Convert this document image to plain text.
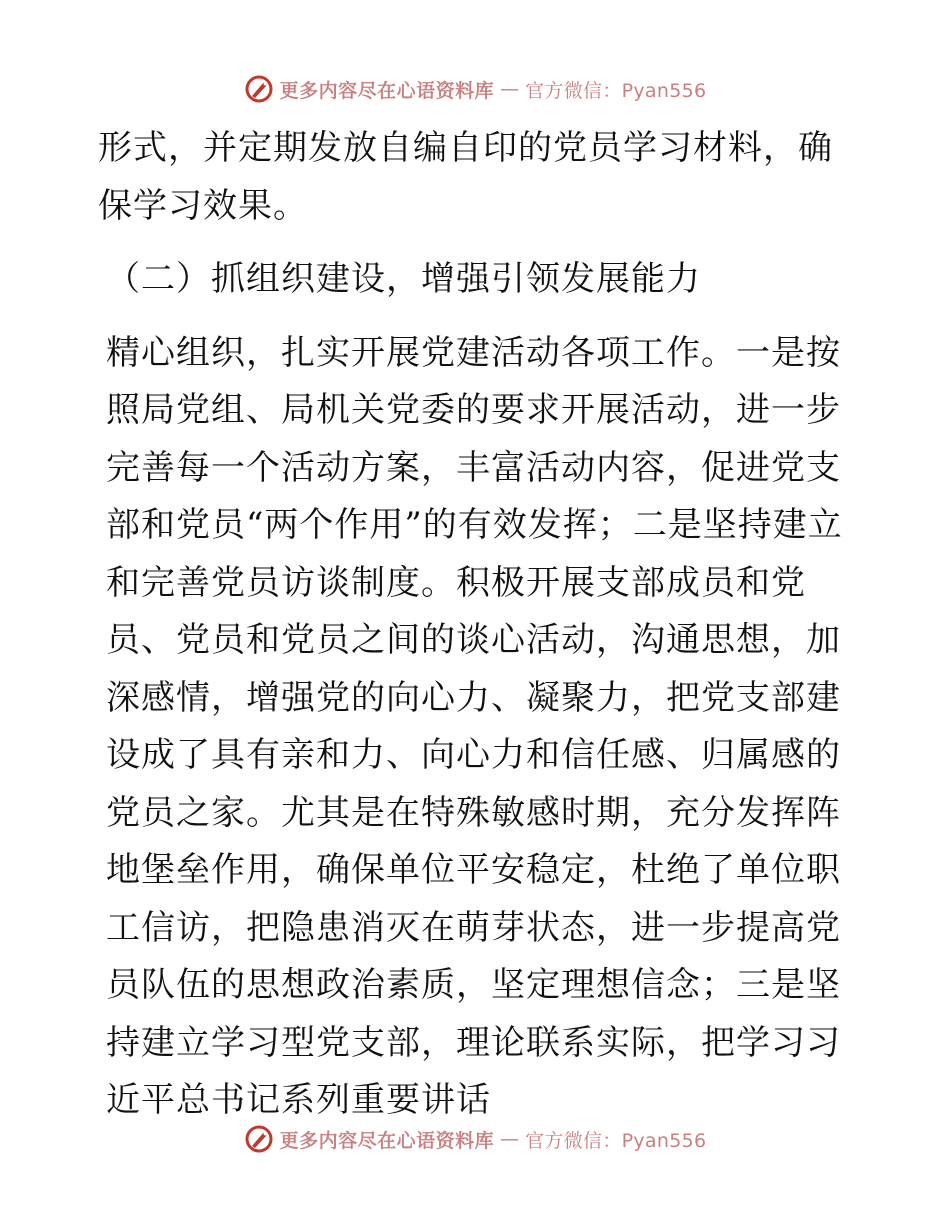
更多内容尽在心语资料库 — 官方微信：Pyan556

形式，并定期发放自编自印的党员学习材料，确保学习效果。

（二）抓组织建设，增强引领发展能力

精心组织，扎实开展党建活动各项工作。一是按照局党组、局机关党委的要求开展活动，进一步完善每一个活动方案，丰富活动内容，促进党支部和党员“两个作用”的有效发挥；二是坚持建立和完善党员访谈制度。积极开展支部成员和党员、党员和党员之间的谈心活动，沟通思想，加深感情，增强党的向心力、凝聚力，把党支部建设成了具有亲和力、向心力和信任感、归属感的党员之家。尤其是在特殊敏感时期，充分发挥阵地堡垒作用，确保单位平安稳定，杜绝了单位职工信访，把隐患消灭在萌芽状态，进一步提高党员队伍的思想政治素质，坚定理想信念；三是坚持建立学习型党支部，理论联系实际，把学习习近平总书记系列重要讲话

更多内容尽在心语资料库 — 官方微信：Pyan556
